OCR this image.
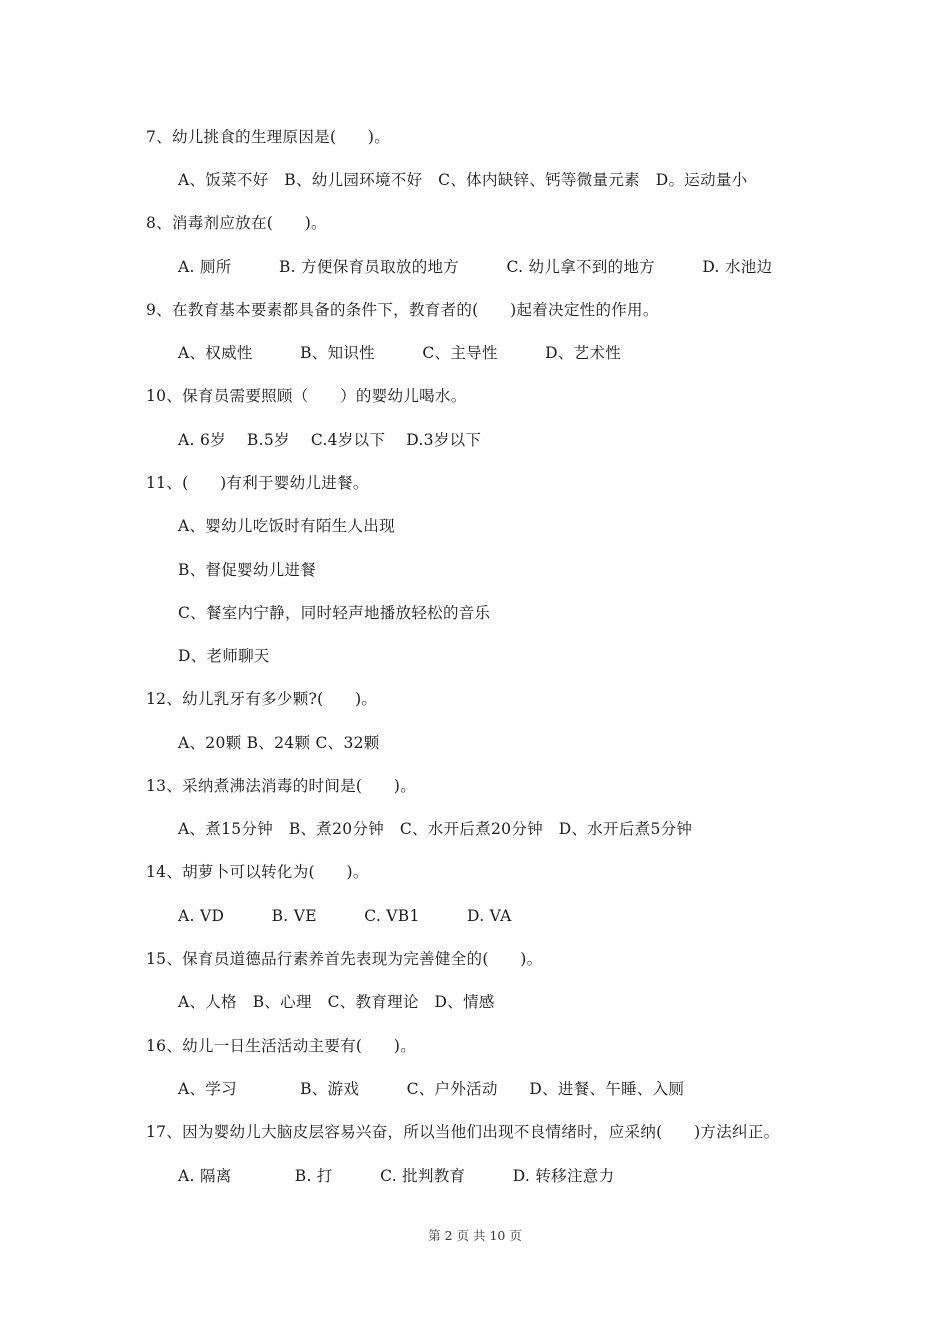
7、幼儿挑食的生理原因是(　　)。
A、饭菜不好　B、幼儿园环境不好　C、体内缺锌、钙等微量元素　D。运动量小
8、消毒剂应放在(　　)。
A. 厕所　　　B. 方便保育员取放的地方　　　C. 幼儿拿不到的地方　　　D. 水池边
9、在教育基本要素都具备的条件下，教育者的(　　)起着决定性的作用。
A、权威性　　　B、知识性　　　C、主导性　　　D、艺术性
10、保育员需要照顾（　　）的婴幼儿喝水。
A. 6岁　 B.5岁　 C.4岁以下　 D.3岁以下
11、(　　)有利于婴幼儿进餐。
A、婴幼儿吃饭时有陌生人出现
B、督促婴幼儿进餐
C、餐室内宁静，同时轻声地播放轻松的音乐
D、老师聊天
12、幼儿乳牙有多少颗?(　　)。
A、20颗 B、24颗 C、32颗
13、采纳煮沸法消毒的时间是(　　)。
A、煮15分钟　B、煮20分钟　C、水开后煮20分钟　D、水开后煮5分钟
14、胡萝卜可以转化为(　　)。
A. VD　　　B. VE　　　C. VB1　　　D. VA
15、保育员道德品行素养首先表现为完善健全的(　　)。
A、人格　B、心理　C、教育理论　D、情感
16、幼儿一日生活活动主要有(　　)。
A、学习　　　　B、游戏　　　C、户外活动　　D、进餐、午睡、入厕
17、因为婴幼儿大脑皮层容易兴奋，所以当他们出现不良情绪时，应采纳(　　)方法纠正。
A. 隔离　　　　B. 打　　　C. 批判教育　　　D. 转移注意力
第 2 页 共 10 页
